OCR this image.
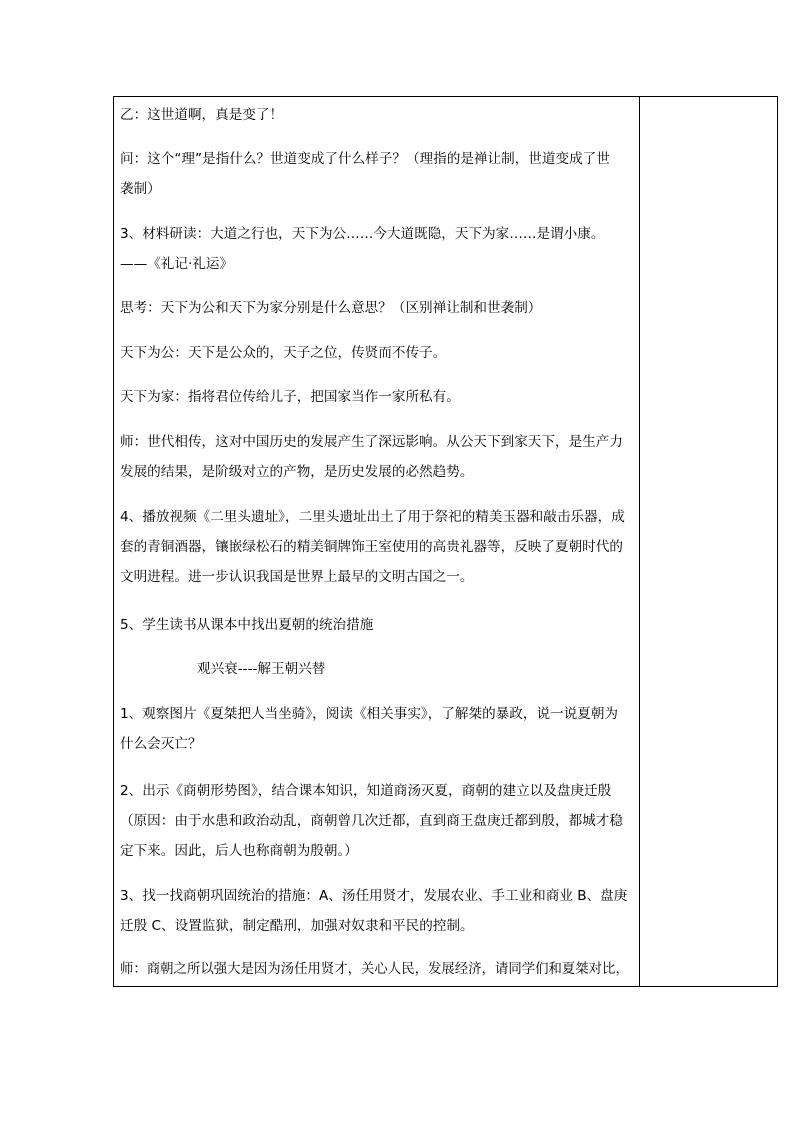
乙：这世道啊，真是变了！

问：这个“理”是指什么？世道变成了什么样子？（理指的是禅让制，世道变成了世

袭制）

3、材料研读：大道之行也，天下为公……今大道既隐，天下为家……是谓小康。

——《礼记·礼运》

思考：天下为公和天下为家分别是什么意思？（区别禅让制和世袭制）

天下为公：天下是公众的，天子之位，传贤而不传子。

天下为家：指将君位传给儿子，把国家当作一家所私有。

师：世代相传，这对中国历史的发展产生了深远影响。从公天下到家天下，是生产力

发展的结果，是阶级对立的产物，是历史发展的必然趋势。

4、播放视频《二里头遗址》，二里头遗址出土了用于祭祀的精美玉器和敲击乐器，成

套的青铜酒器，镶嵌绿松石的精美铜牌饰王室使用的高贵礼器等，反映了夏朝时代的

文明进程。进一步认识我国是世界上最早的文明古国之一。

5、学生读书从课本中找出夏朝的统治措施

观兴衰----解王朝兴替

1、观察图片《夏桀把人当坐骑》，阅读《相关事实》，了解桀的暴政，说一说夏朝为

什么会灭亡？

2、出示《商朝形势图》，结合课本知识，知道商汤灭夏，商朝的建立以及盘庚迁殷

（原因：由于水患和政治动乱，商朝曾几次迁都，直到商王盘庚迁都到殷，都城才稳

定下来。因此，后人也称商朝为殷朝。）

3、找一找商朝巩固统治的措施：A、汤任用贤才，发展农业、手工业和商业 B、盘庚

迁殷 C、设置监狱，制定酷刑，加强对奴隶和平民的控制。

师：商朝之所以强大是因为汤任用贤才，关心人民，发展经济，请同学们和夏桀对比，
